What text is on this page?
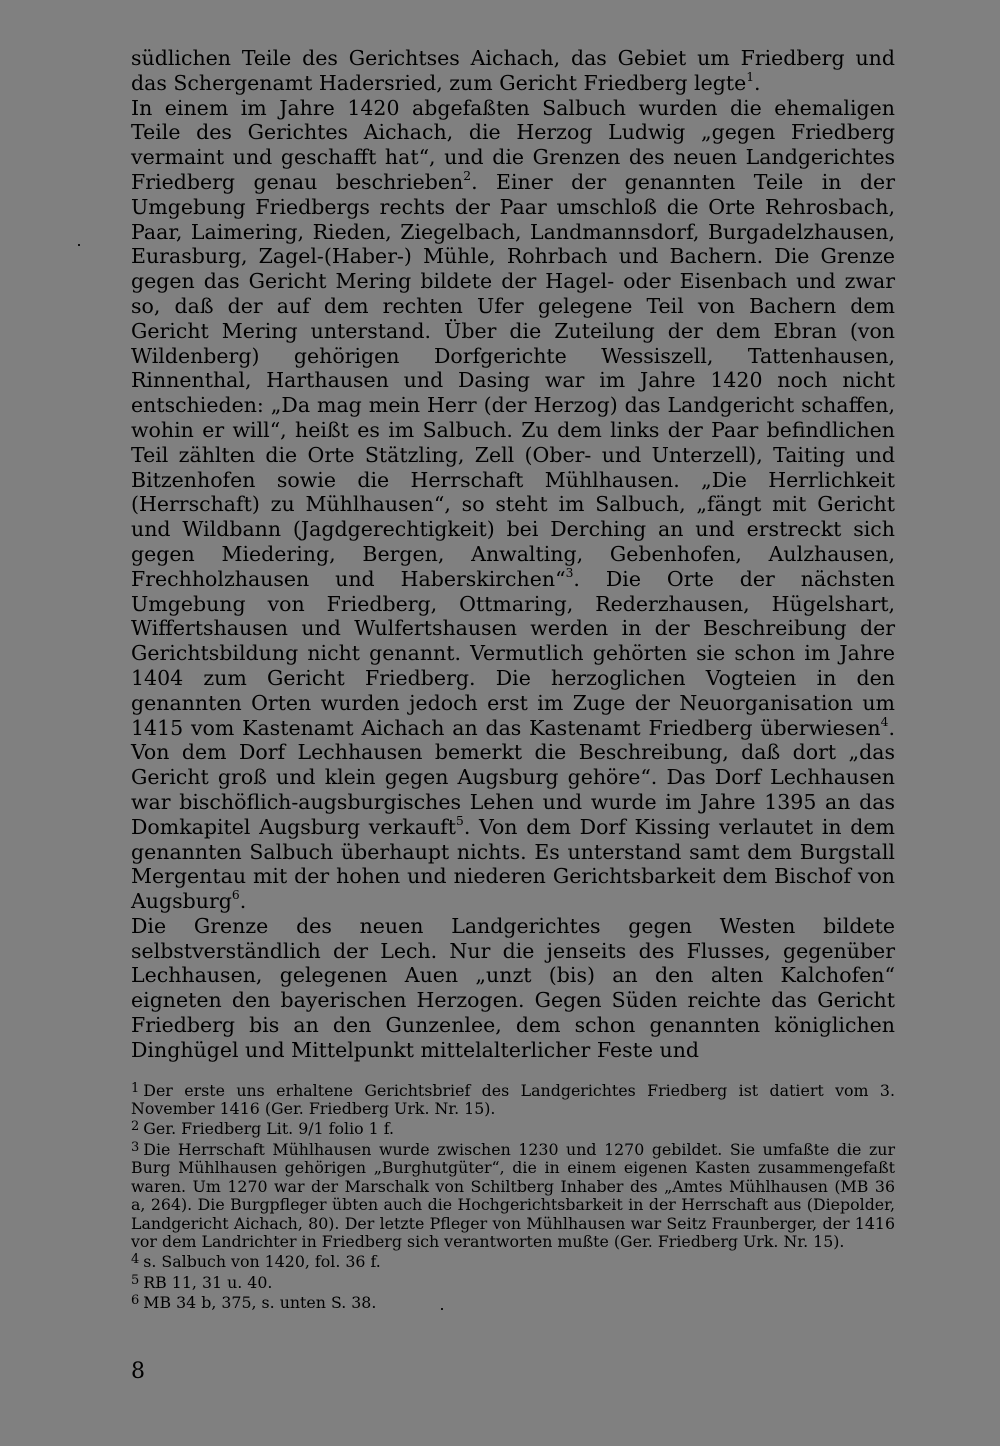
südlichen Teile des Gerichtses Aichach, das Gebiet um Friedberg und das Schergenamt Hadersried, zum Gericht Friedberg legte$^1$.

In einem im Jahre 1420 abgefaßten Salbuch wurden die ehemaligen Teile des Gerichtes Aichach, die Herzog Ludwig „gegen Friedberg vermaint und geschafft hat“, und die Grenzen des neuen Landgerichtes Friedberg genau beschrieben$^2$. Einer der genannten Teile in der Umgebung Friedbergs rechts der Paar umschloß die Orte Rehrosbach, Paar, Laimering, Rieden, Ziegelbach, Landmannsdorf, Burgadelzhausen, Eurasburg, Zagel-(Haber-) Mühle, Rohrbach und Bachern. Die Grenze gegen das Gericht Mering bildete der Hagel- oder Eisenbach und zwar so, daß der auf dem rechten Ufer gelegene Teil von Bachern dem Gericht Mering unterstand. Über die Zuteilung der dem Ebran (von Wildenberg) gehörigen Dorfgerichte Wessiszell, Tattenhausen, Rinnenthal, Harthausen und Dasing war im Jahre 1420 noch nicht entschieden: „Da mag mein Herr (der Herzog) das Landgericht schaffen, wohin er will“, heißt es im Salbuch. Zu dem links der Paar befindlichen Teil zählten die Orte Stätzling, Zell (Ober- und Unterzell), Taiting und Bitzenhofen sowie die Herrschaft Mühlhausen. „Die Herrlichkeit (Herrschaft) zu Mühlhausen“, so steht im Salbuch, „fängt mit Gericht und Wildbann (Jagdgerechtigkeit) bei Derching an und erstreckt sich gegen Miedering, Bergen, Anwalting, Gebenhofen, Aulzhausen, Frechholzhausen und Haberskirchen“$^3$. Die Orte der nächsten Umgebung von Friedberg, Ottmaring, Rederzhausen, Hügelshart, Wiffertshausen und Wulfertshausen werden in der Beschreibung der Gerichtsbildung nicht genannt. Vermutlich gehörten sie schon im Jahre 1404 zum Gericht Friedberg. Die herzoglichen Vogteien in den genannten Orten wurden jedoch erst im Zuge der Neuorganisation um 1415 vom Kastenamt Aichach an das Kastenamt Friedberg überwiesen$^4$. Von dem Dorf Lechhausen bemerkt die Beschreibung, daß dort „das Gericht groß und klein gegen Augsburg gehöre“. Das Dorf Lechhausen war bischöflich-augsburgisches Lehen und wurde im Jahre 1395 an das Domkapitel Augsburg verkauft$^5$. Von dem Dorf Kissing verlautet in dem genannten Salbuch überhaupt nichts. Es unterstand samt dem Burgstall Mergentau mit der hohen und niederen Gerichtsbarkeit dem Bischof von Augsburg$^6$.

Die Grenze des neuen Landgerichtes gegen Westen bildete selbstverständlich der Lech. Nur die jenseits des Flusses, gegenüber Lechhausen, gelegenen Auen „unzt (bis) an den alten Kalchofen“ eigneten den bayerischen Herzogen. Gegen Süden reichte das Gericht Friedberg bis an den Gunzenlee, dem schon genannten königlichen Dinghügel und Mittelpunkt mittelalterlicher Feste und

$^1$ Der erste uns erhaltene Gerichtsbrief des Landgerichtes Friedberg ist datiert vom 3. November 1416 (Ger. Friedberg Urk. Nr. 15).

$^2$ Ger. Friedberg Lit. 9/1 folio 1 f.

$^3$ Die Herrschaft Mühlhausen wurde zwischen 1230 und 1270 gebildet. Sie umfaßte die zur Burg Mühlhausen gehörigen „Burghutgüter“, die in einem eigenen Kasten zusammengefaßt waren. Um 1270 war der Marschalk von Schiltberg Inhaber des „Amtes Mühlhausen (MB 36 a, 264). Die Burgpfleger übten auch die Hochgerichtsbarkeit in der Herrschaft aus (Diepolder, Landgericht Aichach, 80). Der letzte Pfleger von Mühlhausen war Seitz Fraunberger, der 1416 vor dem Landrichter in Friedberg sich verantworten mußte (Ger. Friedberg Urk. Nr. 15).

$^4$ s. Salbuch von 1420, fol. 36 f.

$^5$ RB 11, 31 u. 40.

$^6$ MB 34 b, 375, s. unten S. 38.

8
